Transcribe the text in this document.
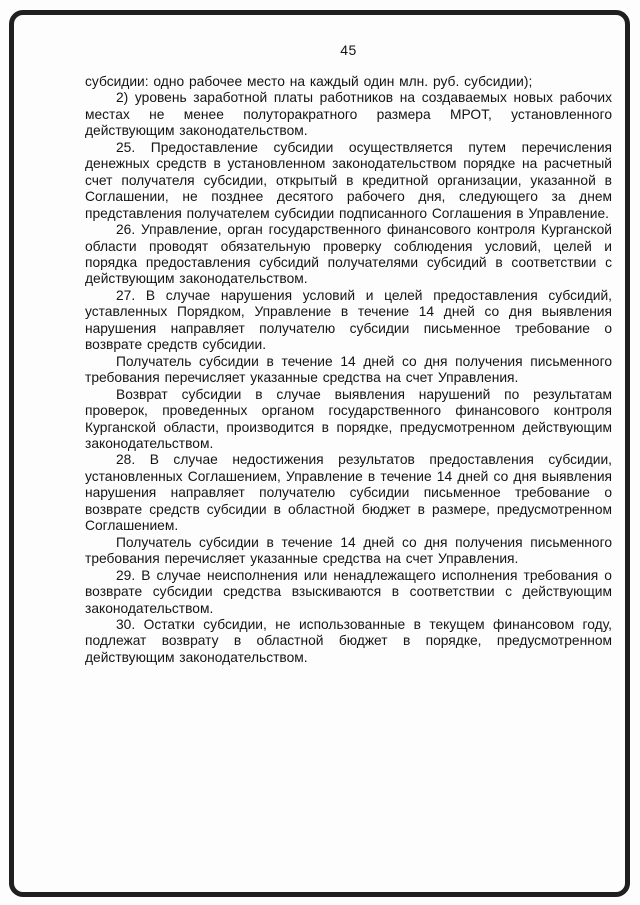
45

субсидии: одно рабочее место на каждый один млн. руб. субсидии);

2) уровень заработной платы работников на создаваемых новых рабочих местах не менее полуторакратного размера МРОТ, установленного действующим законодательством.

25. Предоставление субсидии осуществляется путем перечисления денежных средств в установленном законодательством порядке на расчетный счет получателя субсидии, открытый в кредитной организации, указанной в Соглашении, не позднее десятого рабочего дня, следующего за днем представления получателем субсидии подписанного Соглашения в Управление.

26. Управление, орган государственного финансового контроля Курганской области проводят обязательную проверку соблюдения условий, целей и порядка предоставления субсидий получателями субсидий в соответствии с действующим законодательством.

27. В случае нарушения условий и целей предоставления субсидий, уставленных Порядком, Управление в течение 14 дней со дня выявления нарушения направляет получателю субсидии письменное требование о возврате средств субсидии.

Получатель субсидии в течение 14 дней со дня получения письменного требования перечисляет указанные средства на счет Управления.

Возврат субсидии в случае выявления нарушений по результатам проверок, проведенных органом государственного финансового контроля Курганской области, производится в порядке, предусмотренном действующим законодательством.

28. В случае недостижения результатов предоставления субсидии, установленных Соглашением, Управление в течение 14 дней со дня выявления нарушения направляет получателю субсидии письменное требование о возврате средств субсидии в областной бюджет в размере, предусмотренном Соглашением.

Получатель субсидии в течение 14 дней со дня получения письменного требования перечисляет указанные средства на счет Управления.

29. В случае неисполнения или ненадлежащего исполнения требования о возврате субсидии средства взыскиваются в соответствии с действующим законодательством.

30. Остатки субсидии, не использованные в текущем финансовом году, подлежат возврату в областной бюджет в порядке, предусмотренном действующим законодательством.
